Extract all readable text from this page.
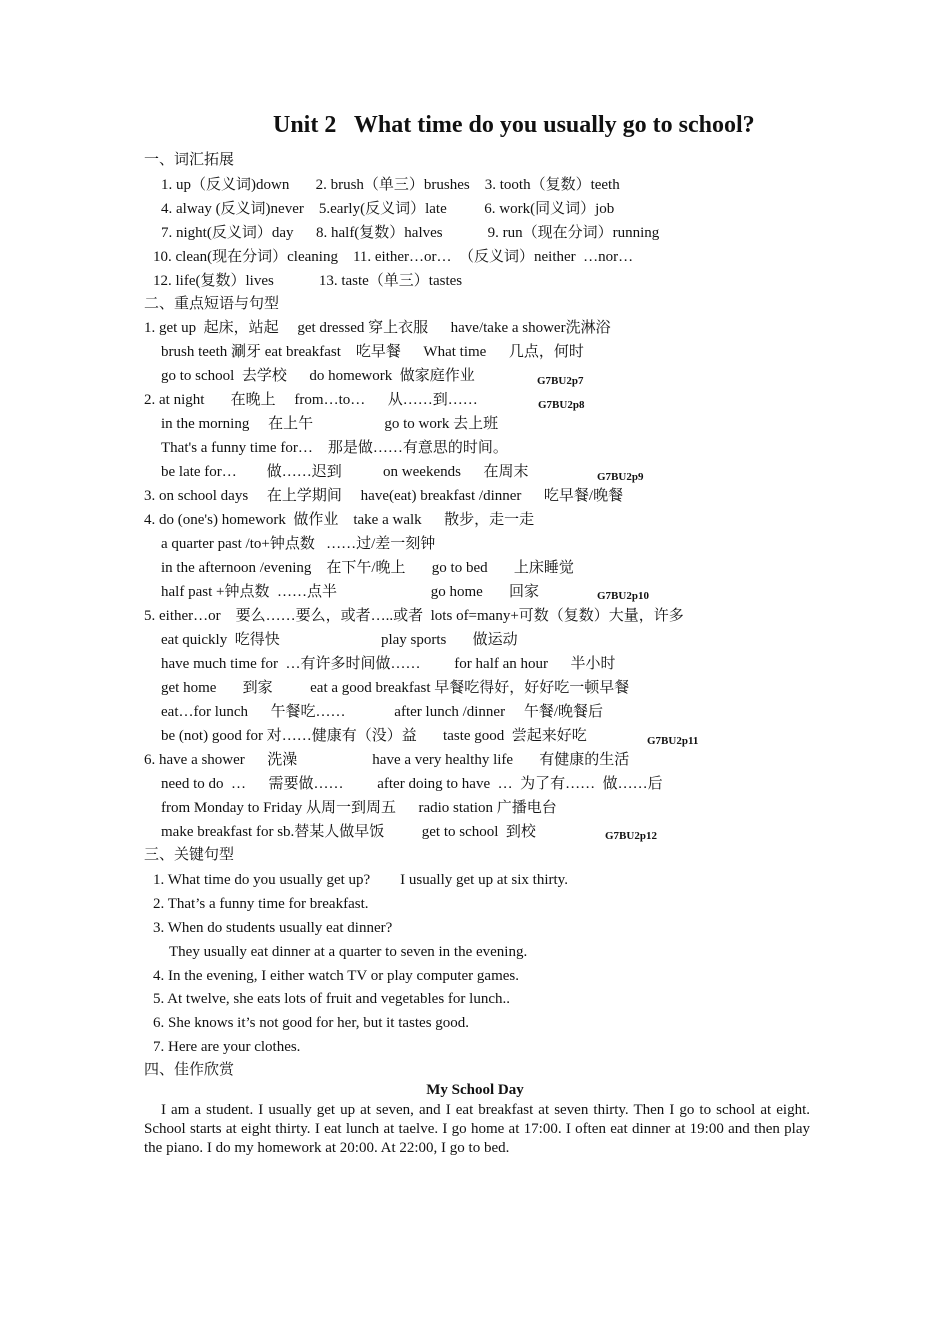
Unit 2   What time do you usually go to school?
一、词汇拓展
1. up（反义词)down       2. brush（单三）brushes    3. tooth（复数）teeth
4. alway (反义词)never    5.early(反义词）late          6. work(同义词）job
7. night(反义词）day      8. half(复数）halves            9. run（现在分词）running
10. clean(现在分词）cleaning    11. either…or…  （反义词）neither  …nor…
12. life(复数）lives            13. taste（单三）tastes
二、重点短语与句型
1. get up  起床，站起     get dressed 穿上衣服      have/take a shower洗淋浴
brush teeth 涮牙 eat breakfast    吃早餐      What time      几点，何时
go to school  去学校      do homework  做家庭作业	G7BU2p7
2. at night       在晚上     from…to…      从……到……	G7BU2p8
in the morning     在上午                   go to work 去上班
That's a funny time for…    那是做……有意思的时间。
be late for…        做……迟到           on weekends      在周末	G7BU2p9
3. on school days     在上学期间     have(eat) breakfast /dinner      吃早餐/晚餐
4. do (one's) homework  做作业    take a walk      散步，走一走
a quarter past /to+钟点数   ……过/差一刻钟
in the afternoon /evening    在下午/晚上       go to bed       上床睡觉
half past +钟点数  ……点半                         go home       回家	G7BU2p10
5. either…or    要么……要么，或者…..或者  lots of=many+可数（复数）大量，许多
eat quickly  吃得快                           play sports       做运动
have much time for  …有许多时间做……         for half an hour      半小时
get home       到家          eat a good breakfast 早餐吃得好，好好吃一顿早餐
eat…for lunch      午餐吃……             after lunch /dinner     午餐/晚餐后
be (not) good for 对……健康有（没）益       taste good  尝起来好吃	G7BU2p11
6. have a shower      洗澡                    have a very healthy life       有健康的生活
need to do  …      需要做……         after doing to have  …  为了有……  做……后
from Monday to Friday 从周一到周五      radio station 广播电台
make breakfast for sb.替某人做早饭          get to school  到校	G7BU2p12
三、关键句型
1. What time do you usually get up?        I usually get up at six thirty.
2. That’s a funny time for breakfast.
3. When do students usually eat dinner?
They usually eat dinner at a quarter to seven in the evening.
4. In the evening, I either watch TV or play computer games.
5. At twelve, she eats lots of fruit and vegetables for lunch..
6. She knows it’s not good for her, but it tastes good.
7. Here are your clothes.
四、佳作欣赏
My School Day
I am a student. I usually get up at seven, and I eat breakfast at seven thirty. Then I go to school at eight. School starts at eight thirty. I eat lunch at taelve. I go home at 17:00. I often eat dinner at 19:00 and then play the piano. I do my homework at 20:00. At 22:00, I go to bed.
